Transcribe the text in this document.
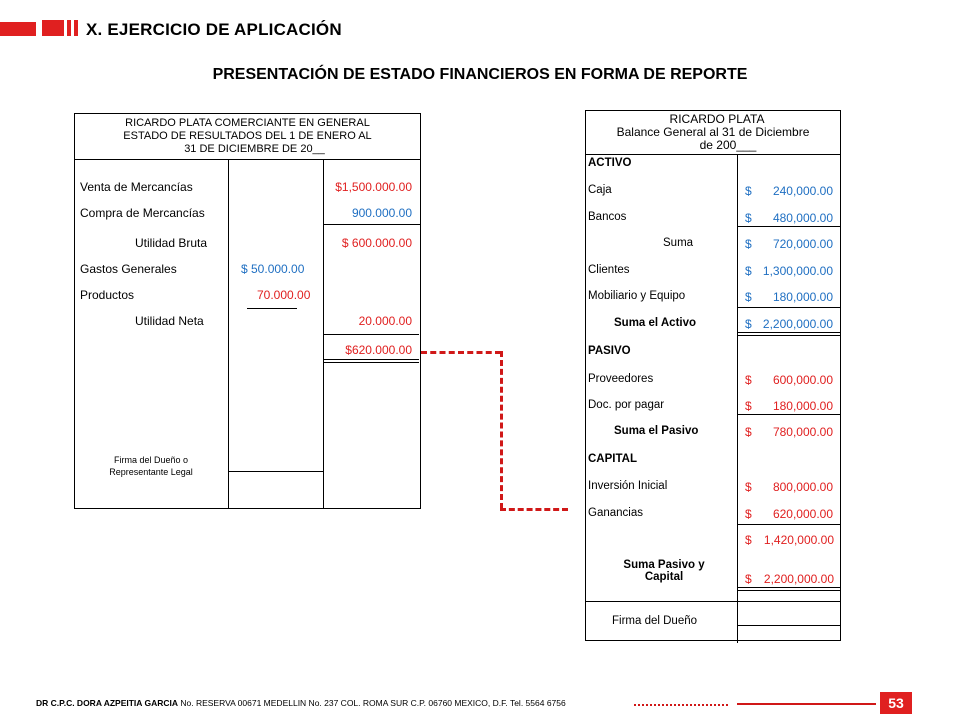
X. EJERCICIO DE APLICACIÓN
PRESENTACIÓN DE ESTADO FINANCIEROS EN FORMA DE REPORTE
RICARDO PLATA COMERCIANTE EN GENERAL
ESTADO DE RESULTADOS DEL 1 DE ENERO AL
31 DE DICIEMBRE DE 20__
Venta de Mercancías	$1,500.000.00
Compra de Mercancías	900.000.00
Utilidad Bruta	$ 600.000.00
Gastos Generales	$ 50.000.00
Productos	70.000.00
Utilidad Neta	20.000.00
$620.000.00
Firma del Dueño o
Representante Legal
RICARDO PLATA
Balance General al 31 de Diciembre
de 200___
ACTIVO
Caja	$	240,000.00
Bancos	$	480,000.00
Suma	$	720,000.00
Clientes	$ 1,300,000.00
Mobiliario y Equipo	$	180,000.00
Suma el Activo	$ 2,200,000.00
PASIVO
Proveedores	$	600,000.00
Doc. por pagar	$	180,000.00
Suma el Pasivo	$	780,000.00
CAPITAL
Inversión Inicial	$	800,000.00
Ganancias	$	620,000.00
$	1,420,000.00
Suma Pasivo y
Capital	$	2,200,000.00
Firma del Dueño
DR C.P.C. DORA AZPEITIA GARCIA No. RESERVA 00671 MEDELLIN No. 237 COL. ROMA SUR C.P. 06760 MEXICO, D.F. Tel. 5564 6756	53
